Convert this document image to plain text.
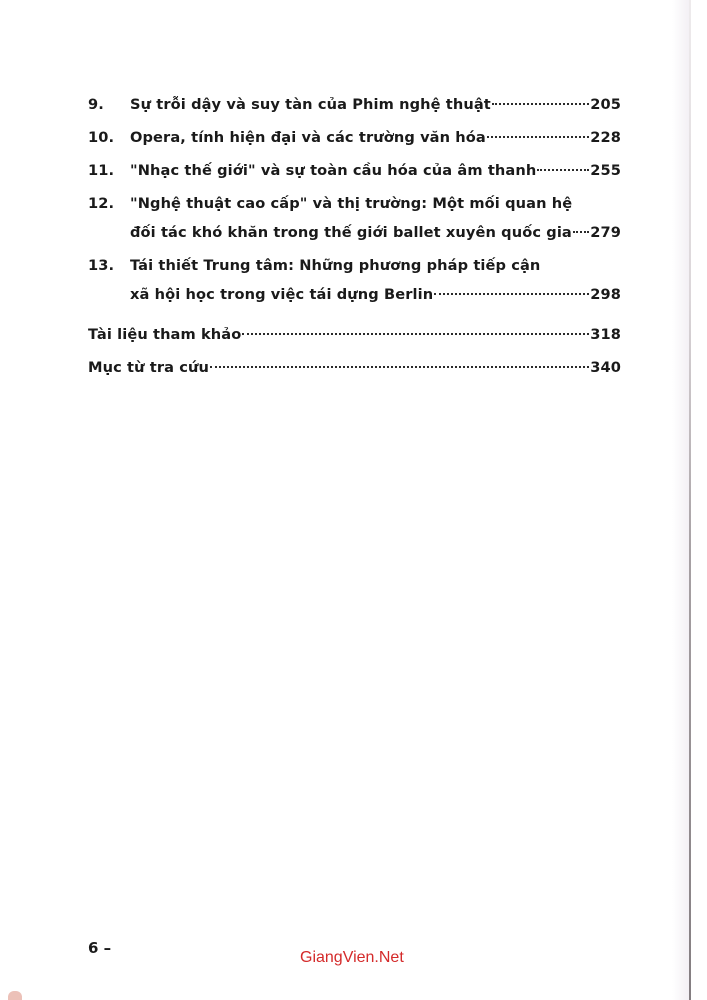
9.	Sự trỗi dậy và suy tàn của Phim nghệ thuật	205
10.	Opera, tính hiện đại và các trường văn hóa	228
11.	"Nhạc thế giới" và sự toàn cầu hóa của âm thanh	255
12.	"Nghệ thuật cao cấp" và thị trường: Một mối quan hệ
đối tác khó khăn trong thế giới ballet xuyên quốc gia 279
13.	Tái thiết Trung tâm: Những phương pháp tiếp cận
xã hội học trong việc tái dựng Berlin	298
Tài liệu tham khảo	318
Mục từ tra cứu	340
6 –
GiangVien.Net
